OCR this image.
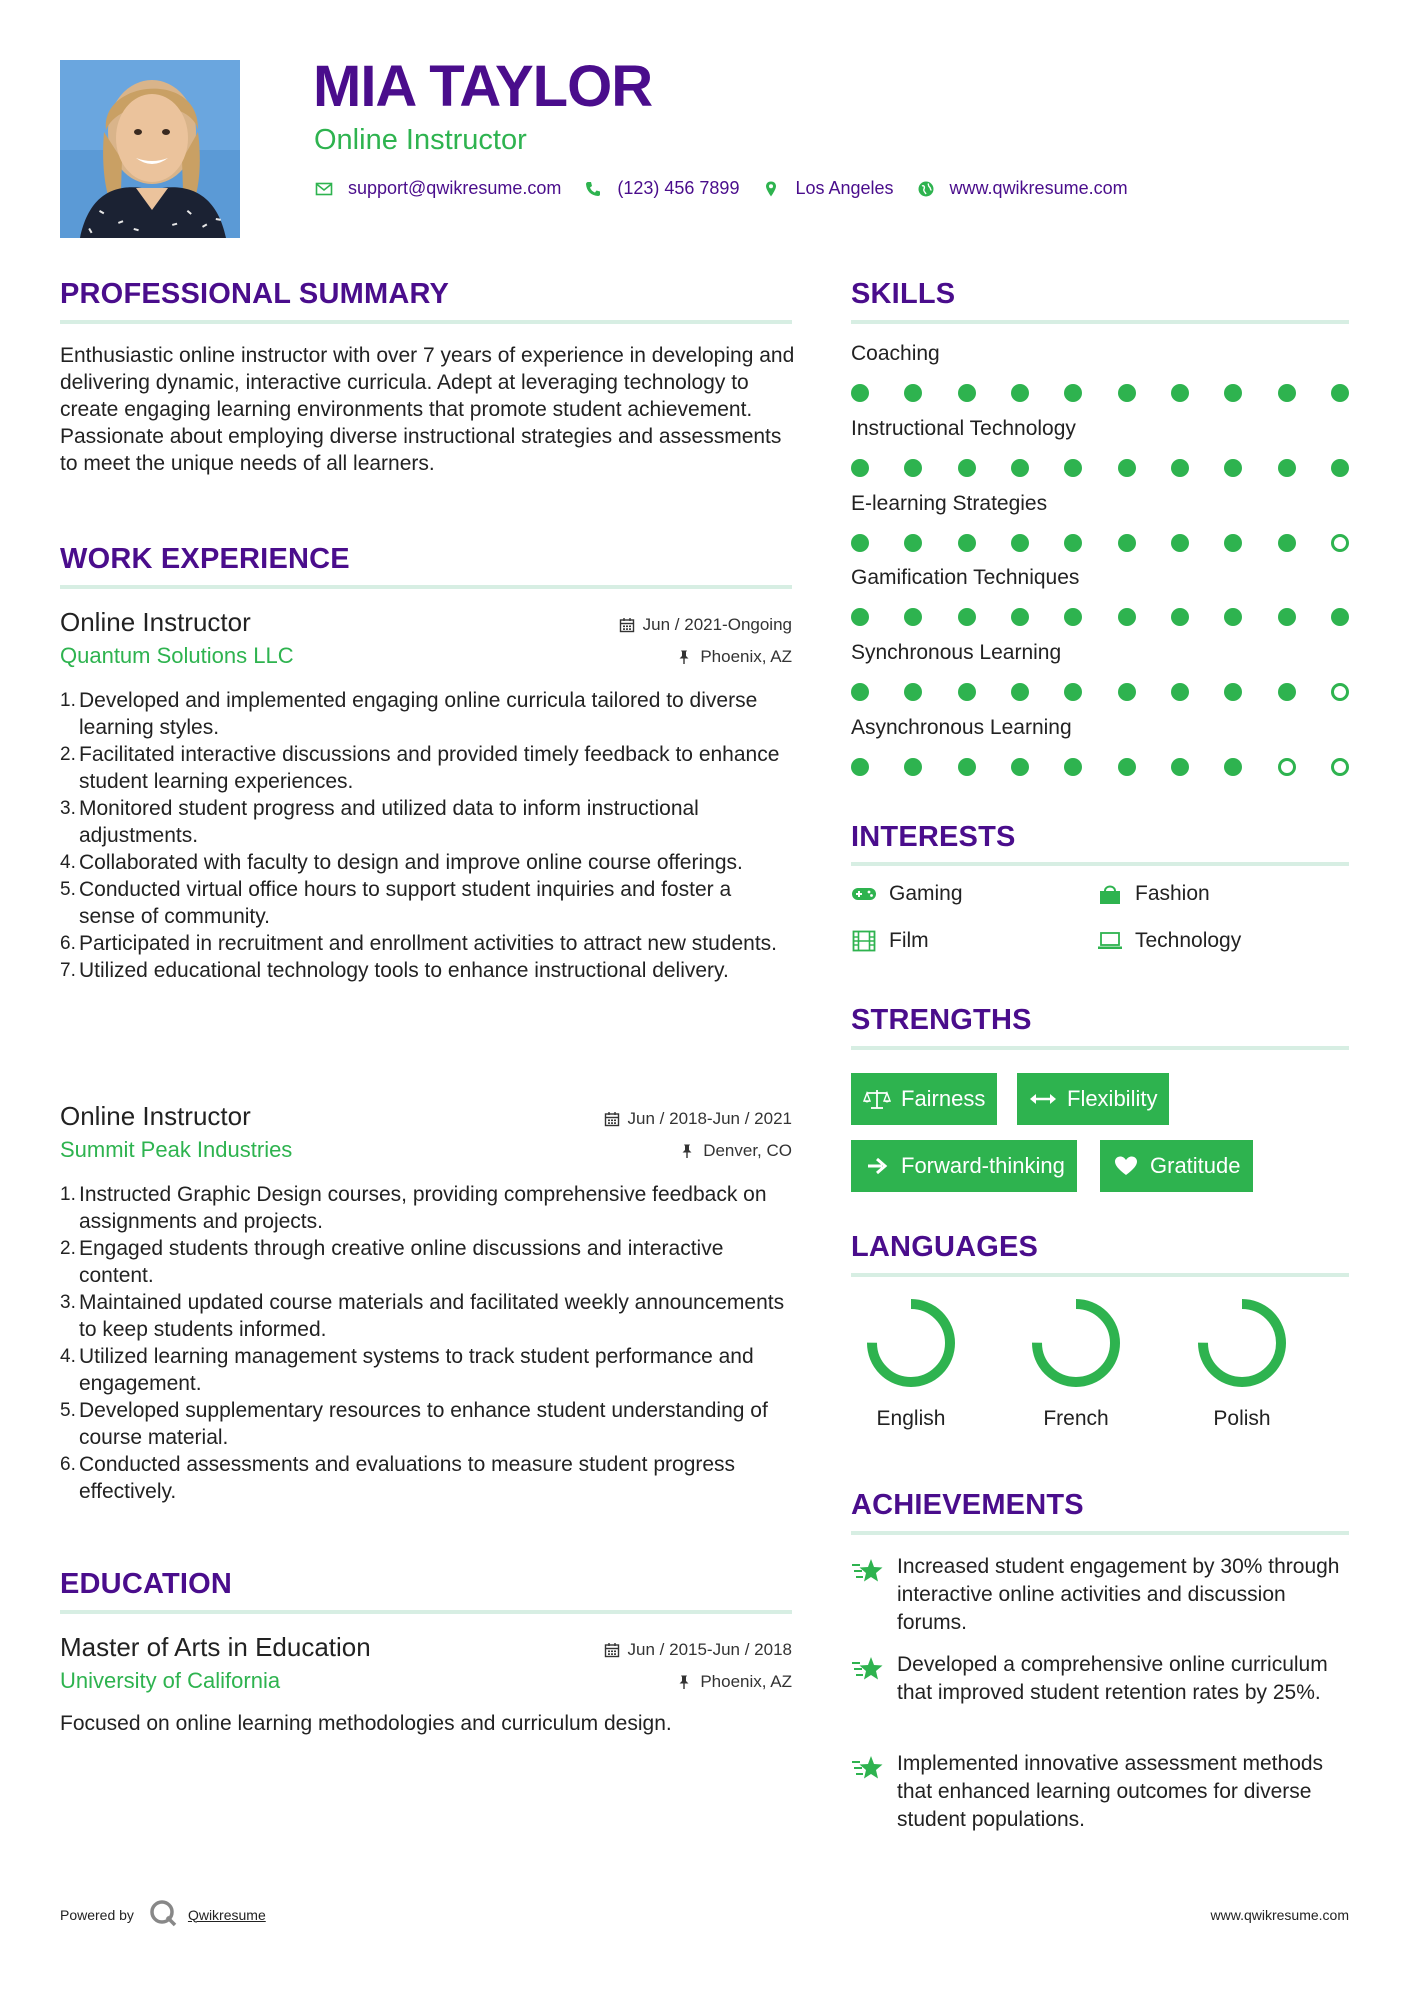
MIA TAYLOR
Online Instructor
support@qwikresume.com	(123) 456 7899	Los Angeles	www.qwikresume.com
PROFESSIONAL SUMMARY
Enthusiastic online instructor with over 7 years of experience in developing and delivering dynamic, interactive curricula. Adept at leveraging technology to create engaging learning environments that promote student achievement. Passionate about employing diverse instructional strategies and assessments to meet the unique needs of all learners.
WORK EXPERIENCE
Online Instructor	Jun / 2021-Ongoing
Quantum Solutions LLC	Phoenix, AZ
1. Developed and implemented engaging online curricula tailored to diverse learning styles.
2. Facilitated interactive discussions and provided timely feedback to enhance student learning experiences.
3. Monitored student progress and utilized data to inform instructional adjustments.
4. Collaborated with faculty to design and improve online course offerings.
5. Conducted virtual office hours to support student inquiries and foster a sense of community.
6. Participated in recruitment and enrollment activities to attract new students.
7. Utilized educational technology tools to enhance instructional delivery.
Online Instructor	Jun / 2018-Jun / 2021
Summit Peak Industries	Denver, CO
1. Instructed Graphic Design courses, providing comprehensive feedback on assignments and projects.
2. Engaged students through creative online discussions and interactive content.
3. Maintained updated course materials and facilitated weekly announcements to keep students informed.
4. Utilized learning management systems to track student performance and engagement.
5. Developed supplementary resources to enhance student understanding of course material.
6. Conducted assessments and evaluations to measure student progress effectively.
EDUCATION
Master of Arts in Education	Jun / 2015-Jun / 2018
University of California	Phoenix, AZ
Focused on online learning methodologies and curriculum design.
SKILLS
Coaching
Instructional Technology
E-learning Strategies
Gamification Techniques
Synchronous Learning
Asynchronous Learning
INTERESTS
Gaming	Fashion
Film	Technology
STRENGTHS
Fairness	Flexibility
Forward-thinking	Gratitude
LANGUAGES
English	French	Polish
ACHIEVEMENTS
Increased student engagement by 30% through interactive online activities and discussion forums.
Developed a comprehensive online curriculum that improved student retention rates by 25%.
Implemented innovative assessment methods that enhanced learning outcomes for diverse student populations.
Powered by	Qwikresume	www.qwikresume.com
